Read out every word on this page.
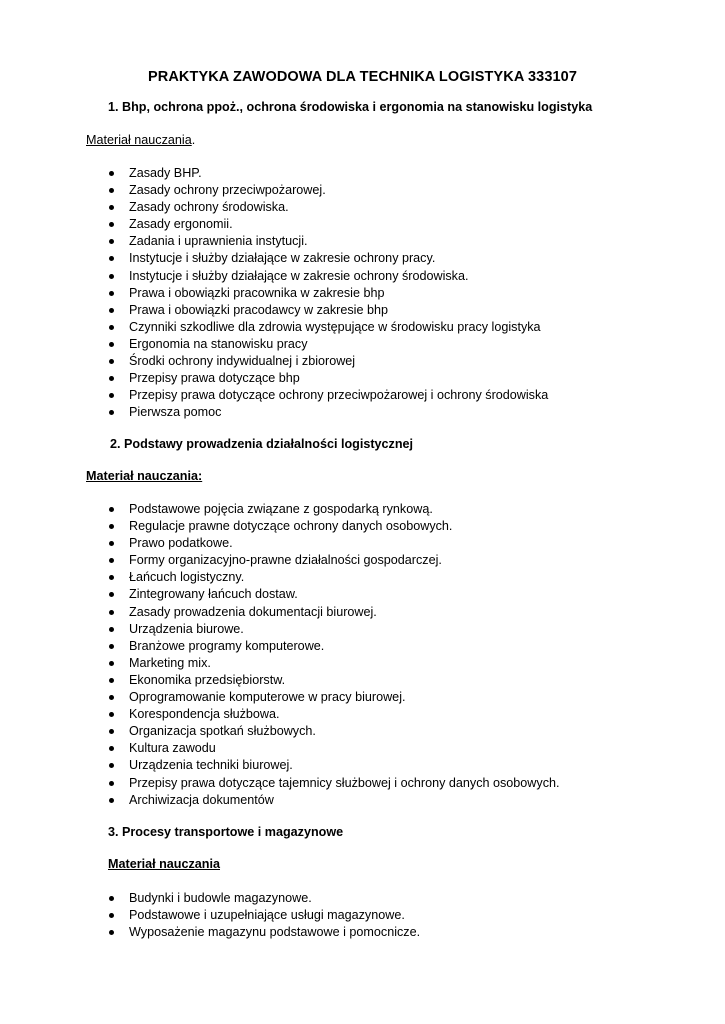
PRAKTYKA ZAWODOWA DLA TECHNIKA LOGISTYKA 333107
1. Bhp, ochrona ppoż., ochrona środowiska i ergonomia na stanowisku logistyka
Materiał nauczania.
Zasady BHP.
Zasady ochrony przeciwpożarowej.
Zasady ochrony środowiska.
Zasady ergonomii.
Zadania i uprawnienia instytucji.
Instytucje i służby działające w zakresie ochrony pracy.
Instytucje i służby działające w zakresie ochrony środowiska.
Prawa i obowiązki pracownika w zakresie bhp
Prawa i obowiązki pracodawcy w zakresie bhp
Czynniki szkodliwe dla zdrowia występujące w środowisku pracy logistyka
Ergonomia na stanowisku pracy
Środki ochrony indywidualnej i zbiorowej
Przepisy prawa dotyczące bhp
Przepisy prawa dotyczące ochrony przeciwpożarowej i ochrony środowiska
Pierwsza pomoc
2. Podstawy prowadzenia działalności logistycznej
Materiał nauczania:
Podstawowe pojęcia związane z gospodarką rynkową.
Regulacje prawne dotyczące ochrony danych osobowych.
Prawo podatkowe.
Formy organizacyjno-prawne działalności gospodarczej.
Łańcuch logistyczny.
Zintegrowany łańcuch dostaw.
Zasady prowadzenia dokumentacji biurowej.
Urządzenia biurowe.
Branżowe programy komputerowe.
Marketing mix.
Ekonomika przedsiębiorstw.
Oprogramowanie komputerowe w pracy biurowej.
Korespondencja służbowa.
Organizacja spotkań służbowych.
Kultura zawodu
Urządzenia techniki biurowej.
Przepisy prawa dotyczące tajemnicy służbowej i ochrony danych osobowych.
Archiwizacja dokumentów
3. Procesy transportowe i magazynowe
Materiał nauczania
Budynki i budowle magazynowe.
Podstawowe i uzupełniające usługi magazynowe.
Wyposażenie magazynu podstawowe i pomocnicze.
